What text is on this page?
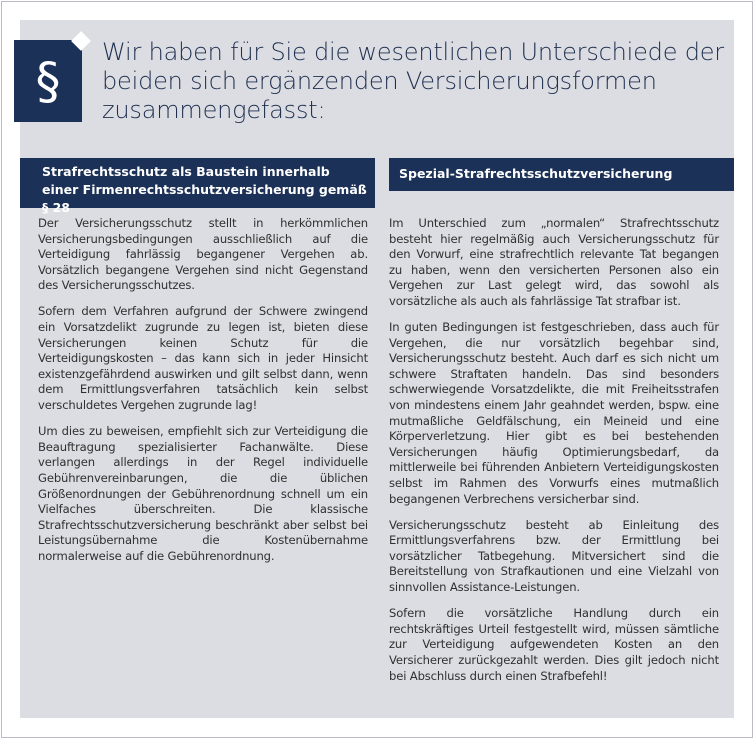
§	Wir haben für Sie die wesentlichen Unterschiede der beiden sich ergänzenden Versicherungsformen zusammengefasst:
Strafrechtsschutz als Baustein innerhalb einer Firmenrechtsschutzversicherung gemäß § 28
Spezial-Strafrechtsschutzversicherung

Der Versicherungsschutz stellt in herkömmlichen Versicherungsbedingungen ausschließlich auf die Verteidigung fahrlässig begangener Vergehen ab. Vorsätzlich begangene Vergehen sind nicht Gegenstand des Versicherungsschutzes.

Sofern dem Verfahren aufgrund der Schwere zwingend ein Vorsatzdelikt zugrunde zu legen ist, bieten diese Versicherungen keinen Schutz für die Verteidigungskosten – das kann sich in jeder Hinsicht existenzgefährdend auswirken und gilt selbst dann, wenn dem Ermittlungsverfahren tatsächlich kein selbst verschuldetes Vergehen zugrunde lag!

Um dies zu beweisen, empfiehlt sich zur Verteidigung die Beauftragung spezialisierter Fachanwälte. Diese verlangen allerdings in der Regel individuelle Gebührenvereinbarungen, die die üblichen Größenordnungen der Gebührenordnung schnell um ein Vielfaches überschreiten. Die klassische Strafrechtsschutzversicherung beschränkt aber selbst bei Leistungsübernahme die Kostenübernahme normalerweise auf die Gebührenordnung.

Im Unterschied zum „normalen“ Strafrechtsschutz besteht hier regelmäßig auch Versicherungsschutz für den Vorwurf, eine strafrechtlich relevante Tat begangen zu haben, wenn den versicherten Personen also ein Vergehen zur Last gelegt wird, das sowohl als vorsätzliche als auch als fahrlässige Tat strafbar ist.

In guten Bedingungen ist festgeschrieben, dass auch für Vergehen, die nur vorsätzlich begehbar sind, Versicherungsschutz besteht. Auch darf es sich nicht um schwere Straftaten handeln. Das sind besonders schwerwiegende Vorsatzdelikte, die mit Freiheitsstrafen von mindestens einem Jahr geahndet werden, bspw. eine mutmaßliche Geldfälschung, ein Meineid und eine Körperverletzung. Hier gibt es bei bestehenden Versicherungen häufig Optimierungsbedarf, da mittlerweile bei führenden Anbietern Verteidigungskosten selbst im Rahmen des Vorwurfs eines mutmaßlich begangenen Verbrechens versicherbar sind.

Versicherungsschutz besteht ab Einleitung des Ermittlungsverfahrens bzw. der Ermittlung bei vorsätzlicher Tatbegehung. Mitversichert sind die Bereitstellung von Strafkautionen und eine Vielzahl von sinnvollen Assistance-Leistungen.

Sofern die vorsätzliche Handlung durch ein rechtskräftiges Urteil festgestellt wird, müssen sämtliche zur Verteidigung aufgewendeten Kosten an den Versicherer zurückgezahlt werden. Dies gilt jedoch nicht bei Abschluss durch einen Strafbefehl!
